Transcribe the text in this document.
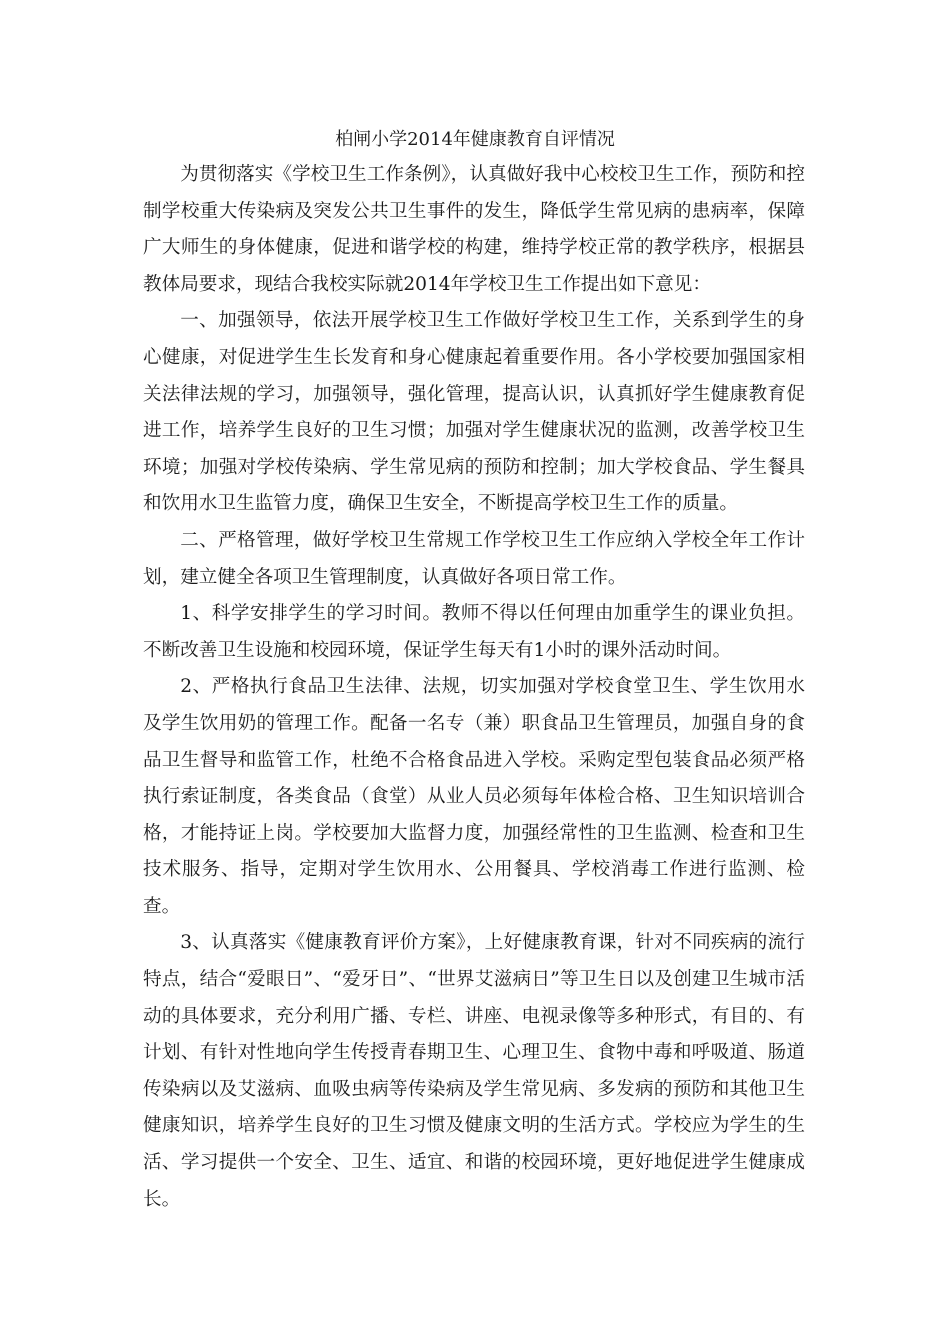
柏闸小学2014年健康教育自评情况

为贯彻落实《学校卫生工作条例》，认真做好我中心校校卫生工作，预防和控制学校重大传染病及突发公共卫生事件的发生，降低学生常见病的患病率，保障广大师生的身体健康，促进和谐学校的构建，维持学校正常的教学秩序，根据县教体局要求，现结合我校实际就2014年学校卫生工作提出如下意见：

一、加强领导，依法开展学校卫生工作做好学校卫生工作，关系到学生的身心健康，对促进学生生长发育和身心健康起着重要作用。各小学校要加强国家相关法律法规的学习，加强领导，强化管理，提高认识，认真抓好学生健康教育促进工作，培养学生良好的卫生习惯；加强对学生健康状况的监测，改善学校卫生环境；加强对学校传染病、学生常见病的预防和控制；加大学校食品、学生餐具和饮用水卫生监管力度，确保卫生安全，不断提高学校卫生工作的质量。

二、严格管理，做好学校卫生常规工作学校卫生工作应纳入学校全年工作计划，建立健全各项卫生管理制度，认真做好各项日常工作。

1、科学安排学生的学习时间。教师不得以任何理由加重学生的课业负担。不断改善卫生设施和校园环境，保证学生每天有1小时的课外活动时间。

2、严格执行食品卫生法律、法规，切实加强对学校食堂卫生、学生饮用水及学生饮用奶的管理工作。配备一名专（兼）职食品卫生管理员，加强自身的食品卫生督导和监管工作，杜绝不合格食品进入学校。采购定型包装食品必须严格执行索证制度，各类食品（食堂）从业人员必须每年体检合格、卫生知识培训合格，才能持证上岗。学校要加大监督力度，加强经常性的卫生监测、检查和卫生技术服务、指导，定期对学生饮用水、公用餐具、学校消毒工作进行监测、检查。

3、认真落实《健康教育评价方案》，上好健康教育课，针对不同疾病的流行特点，结合“爱眼日”、“爱牙日”、“世界艾滋病日”等卫生日以及创建卫生城市活动的具体要求，充分利用广播、专栏、讲座、电视录像等多种形式，有目的、有计划、有针对性地向学生传授青春期卫生、心理卫生、食物中毒和呼吸道、肠道传染病以及艾滋病、血吸虫病等传染病及学生常见病、多发病的预防和其他卫生健康知识，培养学生良好的卫生习惯及健康文明的生活方式。学校应为学生的生活、学习提供一个安全、卫生、适宜、和谐的校园环境，更好地促进学生健康成长。
